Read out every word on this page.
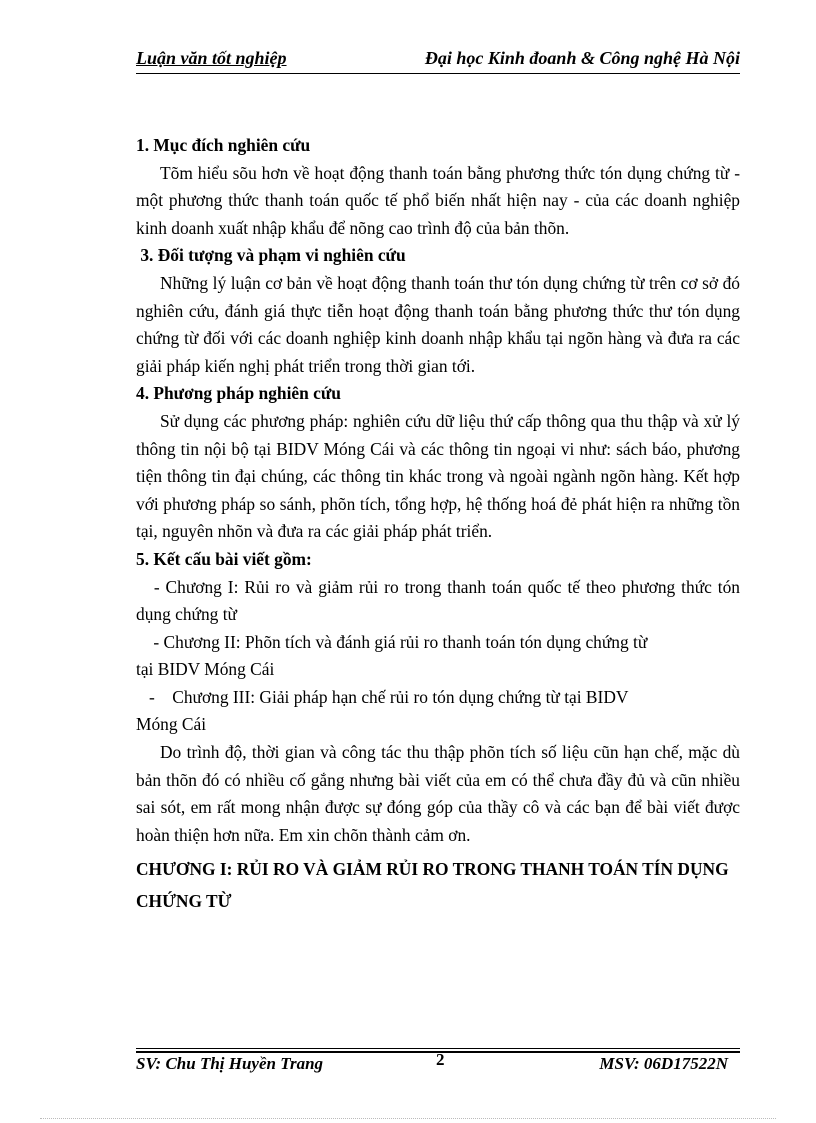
Luận văn tốt nghiệp	Đại học Kinh đoanh & Công nghệ Hà Nội
1. Mục đích nghiên cứu

Tõm hiểu sõu hơn về hoạt động thanh toán bằng phương thức tón dụng chứng từ - một phương thức thanh toán quốc tế phổ biến nhất hiện nay - của các doanh nghiệp kinh doanh xuất nhập khẩu để nõng cao trình độ của bản thõn.

3. Đối tượng và phạm vi nghiên cứu

Những lý luận cơ bản về hoạt động thanh toán thư tón dụng chứng từ trên cơ sở đó nghiên cứu, đánh giá thực tiễn hoạt động thanh toán bằng phương thức thư tón dụng chứng từ đối với các doanh nghiệp kinh doanh nhập khẩu tại ngõn hàng và đưa ra các giải pháp kiến nghị phát triển trong thời gian tới.

4. Phương pháp nghiên cứu

Sử dụng các phương pháp: nghiên cứu dữ liệu thứ cấp thông qua thu thập và xử lý thông tin nội bộ tại BIDV Móng Cái và các thông tin ngoại vi như: sách báo, phương tiện thông tin đại chúng, các thông tin khác trong và ngoài ngành ngõn hàng. Kết hợp với phương pháp so sánh, phõn tích, tổng hợp, hệ thống hoá đẻ phát hiện ra những tồn tại, nguyên nhõn và đưa ra các giải pháp phát triển.

5. Kết cấu bài viết gồm:

- Chương I: Rủi ro và giảm rủi ro trong thanh toán quốc tế theo phương thức tón dụng chứng từ

- Chương II: Phõn tích và đánh giá rủi ro thanh toán tón dụng chứng từ

tại BIDV Móng Cái

-    Chương III: Giải pháp hạn chế rủi ro tón dụng chứng từ tại BIDV

Móng Cái

Do trình độ, thời gian và công tác thu thập phõn tích số liệu cũn hạn chế, mặc dù bản thõn đó có nhiều cố gắng nhưng bài viết của em có thể chưa đầy đủ và cũn nhiều sai sót, em rất mong nhận được sự đóng góp của thầy cô và các bạn để bài viết được hoàn thiện hơn nữa. Em xin chõn thành cảm ơn.

CHƯƠNG I: RỦI RO VÀ GIẢM RỦI RO TRONG THANH TOÁN TÍN DỤNG CHỨNG TỪ
SV: Chu Thị Huyền Trang	2	MSV: 06D17522N
